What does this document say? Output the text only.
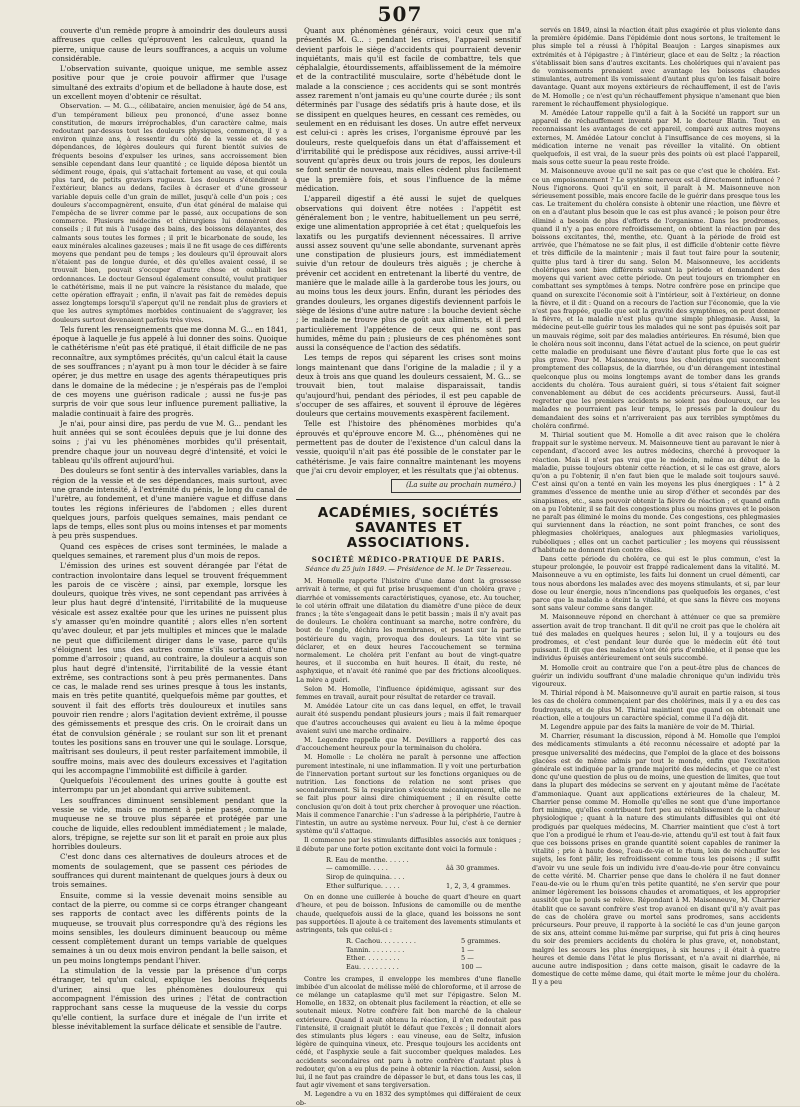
507

couverte d'un remède propre à amoindrir des douleurs aussi affreuses que celles qu'éprouvent les calculeux, quand la pierre, unique cause de leurs souffrances, a acquis un volume considérable.

L'observation suivante, quoique unique, me semble assez positive pour que je croie pouvoir affirmer que l'usage simultané des extraits d'opium et de belladone à haute dose, est un excellent moyen d'obtenir ce résultat.

Observation. — M. G..., célibataire, ancien menuisier, âgé de 54 ans, d'un tempérament bilieux peu prononcé, d'une assez bonne constitution, de mœurs irréprochables, d'un caractère calme, mais redoutant par-dessus tout les douleurs physiques, commença, il y a environ quinze ans, à ressentir du côté de la vessie et de ses dépendances, de légères douleurs qui furent bientôt suivies de fréquents besoins d'expulser les urines, sans accroissement bien sensible cependant dans leur quantité ; ce liquide déposa bientôt un sédiment rouge, épais, qui s'attachait fortement au vase, et qui coula plus tard, de petits graviers rugueux. Les douleurs s'étendirent à l'extérieur, blancs au dedans, faciles à écraser et d'une grosseur variable depuis celle d'un grain de millet, jusqu'à celle d'un pois ; ces douleurs s'accompagnèrent, ensuite, d'un état général de malaise qui l'empêcha de se livrer comme par le passé, aux occupations de son commerce. Plusieurs médecins et chirurgiens lui donnèrent des conseils ; il fut mis à l'usage des bains, des boissons délayantes, des calmants sous toutes les formes ; il prit le bicarbonate de soude, les eaux minérales alcalines gazeuses ; mais il ne fit usage de ces différents moyens que pendant peu de temps ; les douleurs qu'il éprouvait alors n'étaient pas de longue durée, et dès qu'elles avaient cessé, il se trouvait bien, pouvait s'occuper d'autre chose et oubliait les ordonnances. Le docteur Gensoul également consulté, voulut pratiquer le cathétérisme, mais il ne put vaincre la résistance du malade, que cette opération effrayait ; enfin, il n'avait pas fait de remèdes depuis assez longtemps lorsqu'il s'aperçut qu'il ne rendait plus de graviers et que les autres symptômes morbides continuaient de s'aggraver, les douleurs surtout devenaient parfois très vives.

Tels furent les renseignements que me donna M. G... en 1841, époque à laquelle je fus appelé à lui donner des soins. Quoique le cathétérisme n'eût pas été pratiqué, il était difficile de ne pas reconnaître, aux symptômes précités, qu'un calcul était la cause de ses souffrances ; n'ayant pu à mon tour le décider à se faire opérer, je dus mettre en usage des agents thérapeutiques pris dans le domaine de la médecine ; je n'espérais pas de l'emploi de ces moyens une guérison radicale ; aussi ne fus-je pas surpris de voir que sous leur influence purement palliative, la maladie continuait à faire des progrès.

Je n'ai, pour ainsi dire, pas perdu de vue M. G... pendant les huit années qui se sont écoulées depuis que je lui donne des soins ; j'ai vu les phénomènes morbides qu'il présentait, prendre chaque jour un nouveau degré d'intensité, et voici le tableau qu'ils offrent aujourd'hui.

Des douleurs se font sentir à des intervalles variables, dans la région de la vessie et de ses dépendances, mais surtout, avec une grande intensité, à l'extrémité du pénis, le long du canal de l'urètre, au fondement, et d'une manière vague et diffuse dans toutes les régions inférieures de l'abdomen ; elles durent quelques jours, parfois quelques semaines, mais pendant ce laps de temps, elles sont plus ou moins intenses et par moments à peu près suspendues.

Quand ces espèces de crises sont terminées, le malade a quelques semaines, et rarement plus d'un mois de repos.

L'émission des urines est souvent dérangée par l'état de contraction involontaire dans lequel se trouvent fréquemment les parois de ce viscère ; ainsi, par exemple, lorsque les douleurs, quoique très vives, ne sont cependant pas arrivées à leur plus haut degré d'intensité, l'irritabilité de la muqueuse vésicale est assez exaltée pour que les urines ne puissent plus s'y amasser qu'en moindre quantité ; alors elles n'en sortent qu'avec douleur, et par jets multiples et minces que le malade ne peut que difficilement diriger dans le vase, parce qu'ils s'éloignent les uns des autres comme s'ils sortaient d'une pomme d'arrosoir ; quand, au contraire, la douleur a acquis son plus haut degré d'intensité, l'irritabilité de la vessie étant extrême, ses contractions sont à peu près permanentes. Dans ce cas, le malade rend ses urines presque à tous les instants, mais en très petite quantité, quelquefois même par gouttes, et souvent il fait des efforts très douloureux et inutiles sans pouvoir rien rendre ; alors l'agitation devient extrême, il pousse des gémissements et presque des cris. On le croirait dans un état de convulsion générale ; se roulant sur son lit et prenant toutes les positions sans en trouver une qui le soulage. Lorsque, maîtrisant ses douleurs, il peut rester parfaitement immobile, il souffre moins, mais avec des douleurs excessives et l'agitation qui les accompagne l'immobilité est difficile à garder.

Quelquefois l'écoulement des urines goutte à goutte est interrompu par un jet abondant qui arrive subitement.

Les souffrances diminuent sensiblement pendant que la vessie se vide, mais ce moment à peine passé, comme la muqueuse ne se trouve plus séparée et protégée par une couche de liquide, elles redoublent immédiatement ; le malade, alors, trépigne, se rejette sur son lit et paraît en proie aux plus horribles douleurs.

C'est donc dans ces alternatives de douleurs atroces et de moments de soulagement, que se passent ces périodes de souffrances qui durent maintenant de quelques jours à deux ou trois semaines.

Ensuite, comme si la vessie devenait moins sensible au contact de la pierre, ou comme si ce corps étranger changeant ses rapports de contact avec les différents points de la muqueuse, se trouvait plus correspondre qu'à des régions les moins sensibles, les douleurs diminuent beaucoup ou même cessent complètement durant un temps variable de quelques semaines à un ou deux mois environ pendant la belle saison, et un peu moins longtemps pendant l'hiver.

La stimulation de la vessie par la présence d'un corps étranger, tel qu'un calcul, explique les besoins fréquents d'uriner, ainsi que les phénomènes douloureux qui accompagnent l'émission des urines ; l'état de contraction rapprochant sans cesse la muqueuse de la vessie du corps qu'elle contient, la surface dure et inégale de l'un irrite et blesse inévitablement la surface délicate et sensible de l'autre.

Quant aux phénomènes généraux, voici ceux que m'a présentés M. G... : pendant les crises, l'appareil sensitif devient parfois le siège d'accidents qui pourraient devenir inquiétants, mais qu'il est facile de combattre, tels que céphalalgie, étourdissements, affaiblissement de la mémoire et de la contractilité musculaire, sorte d'hébétude dont le malade a la conscience ; ces accidents qui se sont montrés assez rarement n'ont jamais eu qu'une courte durée ; ils sont déterminés par l'usage des sédatifs pris à haute dose, et ils se dissipent en quelques heures, en cessant ces remèdes, ou seulement en en réduisant les doses. Un autre effet nerveux est celui-ci : après les crises, l'organisme éprouvé par les douleurs, reste quelquefois dans un état d'affaissement et d'irritabilité qui le prédispose aux récidives, aussi arrive-t-il souvent qu'après deux ou trois jours de repos, les douleurs se font sentir de nouveau, mais elles cèdent plus facilement que la première fois, et sous l'influence de la même médication.

L'appareil digestif a été aussi le sujet de quelques observations qui doivent être notées : l'appétit est généralement bon ; le ventre, habituellement un peu serré, exige une alimentation appropriée à cet état ; quelquefois les laxatifs ou les purgatifs deviennent nécessaires. Il arrive aussi assez souvent qu'une selle abondante, survenant après une constipation de plusieurs jours, est immédiatement suivie d'un retour de douleurs très aiguës ; je cherche à prévenir cet accident en entretenant la liberté du ventre, de manière que le malade aille à la garderobe tous les jours, ou au moins tous les deux jours. Enfin, durant les périodes des grandes douleurs, les organes digestifs deviennent parfois le siège de lésions d'une autre nature : la bouche devient sèche ; le malade ne trouve plus de goût aux aliments, et il perd particulièrement l'appétence de ceux qui ne sont pas humides, même du pain ; plusieurs de ces phénomènes sont aussi la conséquence de l'action des sédatifs.

Les temps de repos qui séparent les crises sont moins longs maintenant que dans l'origine de la maladie ; il y a deux à trois ans que quand les douleurs cessaient, M. G... se trouvait bien, tout malaise disparaissait, tandis qu'aujourd'hui, pendant des périodes, il est peu capable de s'occuper de ses affaires, et souvent il éprouve de légères douleurs que certains mouvements exaspèrent facilement.

Telle est l'histoire des phénomènes morbides qu'a éprouvés et qu'éprouve encore M. G..., phénomènes qui ne permettent pas de douter de l'existence d'un calcul dans la vessie, quoiqu'il n'ait pas été possible de le constater par le cathétérisme. Je vais faire connaître maintenant les moyens que j'ai cru devoir employer, et les résultats que j'ai obtenus.

(La suite au prochain numéro.)
ACADÉMIES, SOCIÉTÉS SAVANTES ET ASSOCIATIONS.
SOCIÉTÉ MÉDICO-PRATIQUE DE PARIS.
Séance du 25 juin 1849. — Présidence de M. le Dr Tessereau.

M. Homolle rapporte l'histoire d'une dame dont la grossesse arrivait à terme, et qui fut prise brusquement d'un choléra grave ; diarrhée et vomissements caractéristiques, cyanose, etc. Au toucher, le col utérin offrait une dilatation du diamètre d'une pièce de deux francs ; la tête s'engageait dans le petit bassin ; mais il n'y avait pas de douleurs. Le choléra continuant sa marche, notre confrère, du bout de l'ongle, déchira les membranes, et pesant sur la partie postérieure du vagin, provoqua des douleurs. La tête vint se déclarer, et en deux heures l'accouchement se termina normalement. Le choléra prit l'enfant au bout de vingt-quatre heures, et il succomba en huit heures. Il était, du reste, né asphyxique, et n'avait été ranimé que par des frictions alcooliques. La mère a guéri.

Selon M. Homolle, l'influence épidémique, agissant sur des femmes en travail, aurait pour résultat de retarder ce travail.

M. Amédée Latour cite un cas dans lequel, en effet, le travail aurait été suspendu pendant plusieurs jours ; mais il fait remarquer que d'autres accoucheuses qui avaient eu lieu à la même époque avaient suivi une marche ordinaire.

M. Legendre rappelle que M. Devilliers a rapporté des cas d'accouchement heureux pour la terminaison du choléra.

M. Homolle : Le choléra ne paraît à personne une affection purement intestinale, ni une inflammation. Il y voit une perturbation de l'innervation portant surtout sur les fonctions organiques ou de nutrition. Les fonctions de relation ne sont prises que secondairement. Si la respiration s'exécute mécaniquement, elle ne se fait plus pour ainsi dire chimiquement ; il en résulte cette conclusion qu'on doit à tout prix chercher à provoquer une réaction. Mais il commence l'anarchie : l'un s'adresse à la périphérie, l'autre à l'intestin, un autre au système nerveux. Pour lui, c'est à ce dernier système qu'il s'attaque.

Il commence par les stimulants diffusibles associés aux toniques ; il débute par une forte potion excitante dont voici la formule :

R. Eau de menthe. . . . . .
— camomille. . . . .	ââ 30 grammes.
Sirop de quinquina. . . .
Ether sulfurique. . . . .	1, 2, 3, 4 grammes.

On en donne une cuillerée à bouche de quart d'heure en quart d'heure, et peu de boisson. Infusions de camomille ou de menthe chaude, quelquefois aussi de la glace, quand les boissons ne sont pas supportées. Il ajoute à ce traitement des lavements stimulants et astringents, tels que celui-ci :

R. Cachou. . . . . . . . .	5 grammes.
Tannin. . . . . . . . .	1 —
Ether. . . . . . . . .	5 —
Eau. . . . . . . . . .	100 —

Contre les crampes, il enveloppe les membres d'une flanelle imbibée d'un alcoolat de mélisse mêlé de chloroforme, et il arrose de ce mélange un cataplasme qu'il met sur l'épigastre. Selon M. Homolle, en 1832, on obtenait plus facilement la réaction, et elle se soutenait mieux. Notre confrère fait bon marché de la chaleur extérieure. Quand il avait obtenu la réaction, il n'en redoutait pas l'intensité, il craignait plutôt le défaut que l'excès ; il donnait alors des stimulants plus légers : eau vineuse, eau de Seltz, infusion légère de quinquina vineux, etc. Presque toujours les accidents ont cédé, et l'asphyxie seule a fait succomber quelques malades. Les accidents secondaires ont paru à notre confrère d'autant plus à redouter, qu'on a eu plus de peine à obtenir la réaction. Aussi, selon lui, il ne faut pas craindre de dépasser le but, et dans tous les cas, il faut agir vivement et sans tergiversation.

M. Legendre a vu en 1832 des symptômes qui différaient de ceux ob-

servés en 1849, ainsi la réaction était plus exagérée et plus violente dans la première épidémie. Dans l'épidémie dont nous sortons, le traitement le plus simple tel a réussi à l'hôpital Beaujon : Larges sinapismes aux extrémités et à l'épigastre ; à l'intérieur, glace et eau de Seltz ; la réaction s'établissait bien sans d'autres excitants. Les cholériques qui n'avaient pas de vomissements prenaient avec avantage les boissons chaudes stimulantes, autrement ils vomissaient d'autant plus qu'on les faisait boire davantage. Quant aux moyens extérieurs de réchauffement, il est de l'avis de M. Homolle ; ce n'est qu'un réchauffement physique n'amenant que bien rarement le réchauffement physiologique.

M. Amédée Latour rappelle qu'il a fait à la Société un rapport sur un appareil de réchauffement inventé par M. le docteur Blatin. Tout en reconnaissant les avantages de cet appareil, comparé aux autres moyens externes, M. Amédée Latour conclut à l'insuffisance de ces moyens, si la médication interne ne venait pas réveiller la vitalité. On obtient quelquefois, il est vrai, de la sueur près des points où est placé l'appareil, mais sous cette sueur la peau reste froide.

M. Maisonneuve avoue qu'il ne sait pas ce que c'est que le choléra. Est-ce un empoisonnement ? Le système nerveux est-il directement influencé ? Nous l'ignorons. Quoi qu'il en soit, il paraît à M. Maisonneuve non sérieusement possible, mais encore facile de le guérir dans presque tous les cas. Le traitement du choléra consiste à obtenir une réaction, une fièvre et on en a d'autant plus besoin que le cas est plus avancé ; le poison pour être éliminé a besoin de plus d'efforts de l'organisme. Dans les prodromes, quand il n'y a pas encore refroidissement, on obtient la réaction par des boissons excitantes, thé, menthe, etc. Quant à la période de froid est arrivée, que l'hématose ne se fait plus, il est difficile d'obtenir cette fièvre et très difficile de la maintenir ; mais il faut tout faire pour la soutenir, quitte plus tard à tirer du sang. Selon M. Maisonneuve, les accidents cholériques sont bien différents suivant la période et demandent des moyens qui varient avec cette période. On peut toujours en triompher en combattant ses symptômes à temps. Notre confrère pose en principe que quand on surexcite l'économie soit à l'intérieur, soit à l'extérieur, on donne la fièvre, et il dit : Quand on a recours de l'action sur l'économie, que la vie n'est pas frappée, quelle que soit la gravité des symptômes, on peut donner la fièvre, et la maladie n'est plus qu'une simple phlegmasie. Aussi, la médecine peut-elle guérir tous les malades qui ne sont pas épuisés soit par un mauvais régime, soit par des maladies antérieures. En résumé, bien que le choléra nous soit inconnu, dans l'état actuel de la science, on peut guérir cette maladie en produisant une fièvre d'autant plus forte que le cas est plus grave. Pour M. Maisonneuve, tous les cholériques qui succombent promptement des collapsus, de la diarrhée, ou d'un dérangement intestinal quelconque plus ou moins longtemps avant de tomber dans les grands accidents du choléra. Tous auraient guéri, si tous s'étaient fait soigner convenablement au début de ces accidents précurseurs. Aussi, faut-il regretter que les premiers accidents ne soient pas douloureux, car les malades ne pourraient pas leur temps, le pressés par la douleur du demandaient des soins et n'arriveraient pas aux terribles symptômes du choléra confirmé.

M. Thirial soutient que M. Homolle a dit avec raison que le choléra frappait sur le système nerveux. M. Maisonneuve tient au paravant le nier à cependant, d'accord avec les autres médecins, cherché à provoquer la réaction. Mais il n'est pas vrai que le médecin, même au début de la maladie, puisse toujours obtenir cette réaction, et si le cas est grave, alors qu'on a pu l'obtenir, il n'en faut bien que le malade soit toujours sauvé. C'est ainsi qu'on a tenté en vain les moyens les plus énergiques : 1° à 2 grammes d'essence de menthe unie au sirop d'éther et secondés par des sinapismes, etc., sans pouvoir obtenir la fièvre de réaction ; et quand enfin on a pu l'obtenir, il se fait des congestions plus ou moins graves et le poison ne paraît pas éliminé le moins du monde. Ces congestions, ces phlegmasies qui surviennent dans la réaction, ne sont point franches, ce sont des phlegmasies cholériques, analogues aux phlegmasies varioliques, rubéoliques ; elles ont un cachet particulier ; les moyens qui réussissent d'habitude ne donnent rien contre elles.

Dans cette période du choléra, ce qui est le plus commun, c'est la stupeur prolongée, le pouvoir est frappé radicalement dans la vitalité. M. Maisonneuve a vu en optimiste, les faits lui donnent un cruel démenti, car tous nous abordons les malades avec des moyens stimulants, et si, par leur dose ou leur énergie, nous n'incendions pas quelquefois les organes, c'est parce que la maladie a éteint la vitalité, et que sans la fièvre ces moyens sont sans valeur comme sans danger.

M. Maisonneuve répond en cherchant à atténuer ce que sa première assertion avait de trop tranchant. Il dit qu'il ne croit pas que le choléra ait tué des malades en quelques heures ; selon lui, il y a toujours eu des prodromes, et c'est pendant leur durée que le médecin eût été tout puissant. Il dit que des malades n'ont été pris d'emblée, et il pense que les individus épuisés antérieurement ont seuls succombé.

M. Homolle croit au contraire que l'on a peut-être plus de chances de guérir un individu souffrant d'une maladie chronique qu'un individu très vigoureux.

M. Thirial répond à M. Maisonneuve qu'il aurait en partie raison, si tous les cas de choléra commençaient par des cholérines, mais il y a eu des cas foudroyants, et de plus M. Thirial maintient que quand on obtenait une réaction, elle a toujours un caractère spécial, comme il l'a déjà dit.

M. Legendre appuie par des faits la manière de voir de M. Thirial.

M. Charrier, résumant la discussion, répond à M. Homolle que l'emploi des médicaments stimulants a été reconnu nécessaire et adopté par la presque universalité des médecins, que l'emploi de la glace et des boissons glacées est de même admis par tout le monde, enfin que l'excitation générale est indiquée par la grande majorité des médecins, et que ce n'est donc qu'une question de plus ou de moins, une question de limites, que tout dans la plupart des médecins se servent en y ajoutant même de l'acétate d'ammoniaque. Quant aux applications extérieures de la chaleur, M. Charrier pense comme M. Homolle qu'elles ne sont que d'une importance fort minime, qu'elles contribuent fort peu au rétablissement de la chaleur physiologique ; quant à la nature des stimulants diffusibles qui ont été prodigués par quelques médecins, M. Charrier maintient que c'est à tort que l'on a prodigué le rhum et l'eau-de-vie, attendu qu'il est tout à fait faux que ces boissons prises en grande quantité soient capables de ranimer la vitalité ; prie à haute dose, l'eau-de-vie et le rhum, loin de réchauffer les sujets, les font pâlir, les refroidissent comme tous les poisons ; il suffit d'avoir vu une seule fois un individu ivre d'eau-de-vie pour être convaincu de cette vérité. M. Charrier pense que dans le choléra il ne faut donner l'eau-de-vie ou le rhum qu'en très petite quantité, ne s'en servir que pour animer légèrement les boissons chaudes et aromatiques, et les approprier aussitôt que le pouls se relève. Répondant à M. Maisonneuve, M. Charrier établit que ce savant confrère s'est trop avancé en disant qu'il n'y avait pas de cas de choléra grave ou mortel sans prodromes, sans accidents précurseurs. Pour preuve, il rapporte à la société le cas d'un jeune garçon de six ans, atteint comme lui-même par surprise, qui fut pris à cinq heures du soir des premiers accidents du choléra le plus grave, et, nonobstant, malgré les secours les plus énergiques, à six heures ; il était à quatre heures et demie dans l'état le plus florissant, et n'a avait ni diarrhée, ni aucune autre indisposition ; dans cette maison, gisait le cadavre de la domestique de cette même dame, qui était morte le même jour du choléra. Il y a peu
